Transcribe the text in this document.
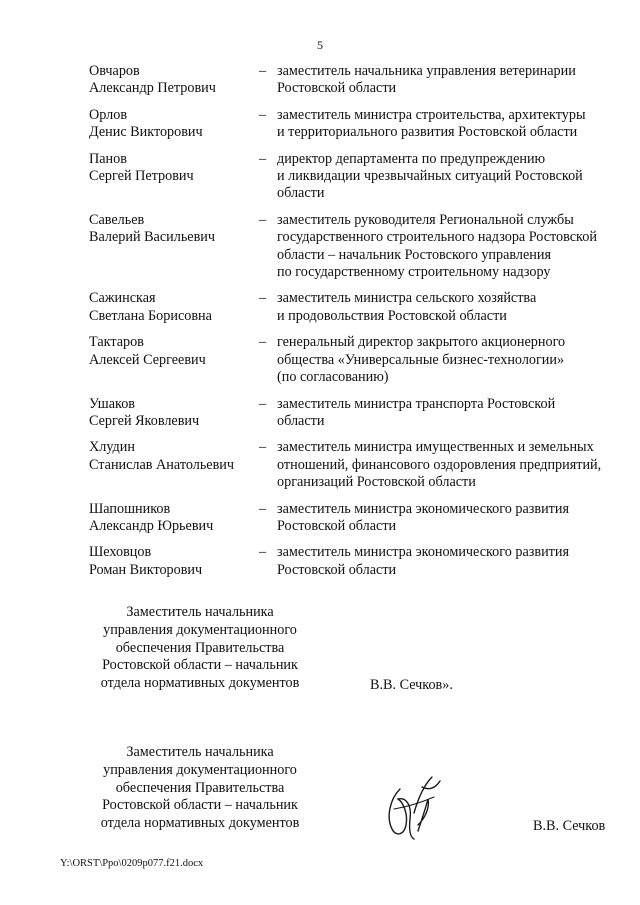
5
Овчаров
Александр Петрович
– заместитель начальника управления ветеринарии
Ростовской области
Орлов
Денис Викторович
– заместитель министра строительства, архитектуры
и территориального развития Ростовской области
Панов
Сергей Петрович
– директор департамента по предупреждению
и ликвидации чрезвычайных ситуаций Ростовской
области
Савельев
Валерий Васильевич
– заместитель руководителя Региональной службы
государственного строительного надзора Ростовской
области – начальник Ростовского управления
по государственному строительному надзору
Сажинская
Светлана Борисовна
– заместитель министра сельского хозяйства
и продовольствия Ростовской области
Тактаров
Алексей Сергеевич
– генеральный директор закрытого акционерного
общества «Универсальные бизнес-технологии»
(по согласованию)
Ушаков
Сергей Яковлевич
– заместитель министра транспорта Ростовской
области
Хлудин
Станислав Анатольевич
– заместитель министра имущественных и земельных
отношений, финансового оздоровления предприятий,
организаций Ростовской области
Шапошников
Александр Юрьевич
– заместитель министра экономического развития
Ростовской области
Шеховцов
Роман Викторович
– заместитель министра экономического развития
Ростовской области
Заместитель начальника
управления документационного
обеспечения Правительства
Ростовской области – начальник
отдела нормативных документов	В.В. Сечков».
Заместитель начальника
управления документационного
обеспечения Правительства
Ростовской области – начальник
отдела нормативных документов	В.В. Сечков
Y:\ORST\Ppo\0209p077.f21.docx
